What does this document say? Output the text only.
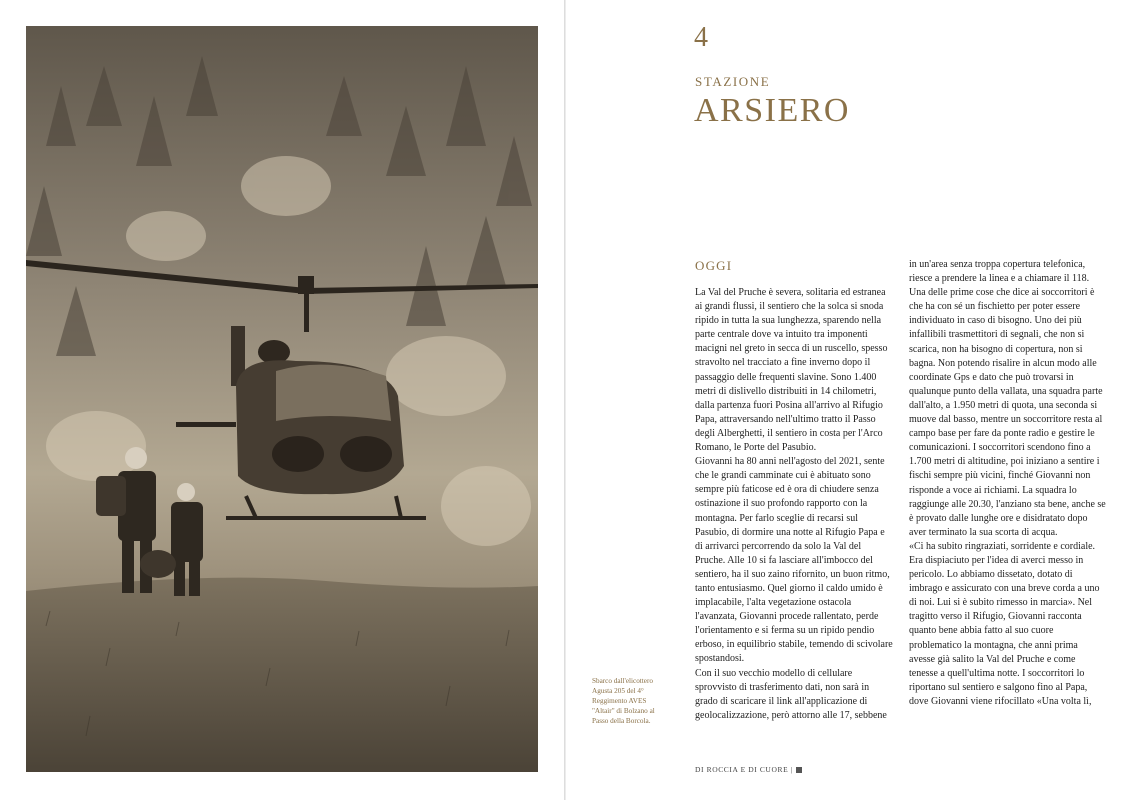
Sbarco dall'elicottero Agusta 205 del 4° Reggimento AVES "Altair" di Bolzano al Passo della Borcola.
4
STAZIONE
ARSIERO
OGGI

La Val del Pruche è severa, solitaria ed estranea ai grandi flussi, il sentiero che la solca si snoda ripido in tutta la sua lunghezza, sparendo nella parte centrale dove va intuito tra imponenti macigni nel greto in secca di un ruscello, spesso stravolto nel tracciato a fine inverno dopo il passaggio delle frequenti slavine. Sono 1.400 metri di dislivello distribuiti in 14 chilometri, dalla partenza fuori Posina all'arrivo al Rifugio Papa, attraversando nell'ultimo tratto il Passo degli Alberghetti, il sentiero in costa per l'Arco Romano, le Porte del Pasubio.

Giovanni ha 80 anni nell'agosto del 2021, sente che le grandi camminate cui è abituato sono sempre più faticose ed è ora di chiudere senza ostinazione il suo profondo rapporto con la montagna. Per farlo sceglie di recarsi sul Pasubio, di dormire una notte al Rifugio Papa e di arrivarci percorrendo da solo la Val del Pruche. Alle 10 si fa lasciare all'imbocco del sentiero, ha il suo zaino rifornito, un buon ritmo, tanto entusiasmo. Quel giorno il caldo umido è implacabile, l'alta vegetazione ostacola l'avanzata, Giovanni procede rallentato, perde l'orientamento e si ferma su un ripido pendio erboso, in equilibrio stabile, temendo di scivolare spostandosi.

Con il suo vecchio modello di cellulare sprovvisto di trasferimento dati, non sarà in grado di scaricare il link all'applicazione di geolocalizzazione, però attorno alle 17, sebbene

in un'area senza troppa copertura telefonica, riesce a prendere la linea e a chiamare il 118. Una delle prime cose che dice ai soccorritori è che ha con sé un fischietto per poter essere individuato in caso di bisogno. Uno dei più infallibili trasmettitori di segnali, che non si scarica, non ha bisogno di copertura, non si bagna. Non potendo risalire in alcun modo alle coordinate Gps e dato che può trovarsi in qualunque punto della vallata, una squadra parte dall'alto, a 1.950 metri di quota, una seconda si muove dal basso, mentre un soccorritore resta al campo base per fare da ponte radio e gestire le comunicazioni. I soccorritori scendono fino a 1.700 metri di altitudine, poi iniziano a sentire i fischi sempre più vicini, finché Giovanni non risponde a voce ai richiami. La squadra lo raggiunge alle 20.30, l'anziano sta bene, anche se è provato dalle lunghe ore e disidratato dopo aver terminato la sua scorta di acqua.

«Ci ha subito ringraziati, sorridente e cordiale. Era dispiaciuto per l'idea di averci messo in pericolo. Lo abbiamo dissetato, dotato di imbrago e assicurato con una breve corda a uno di noi. Lui si è subito rimesso in marcia». Nel tragitto verso il Rifugio, Giovanni racconta quanto bene abbia fatto al suo cuore problematico la montagna, che anni prima avesse già salito la Val del Pruche e come tenesse a quell'ultima notte. I soccorritori lo riportano sul sentiero e salgono fino al Papa, dove Giovanni viene rifocillato «Una volta lì,

DI ROCCIA E DI CUORE |
